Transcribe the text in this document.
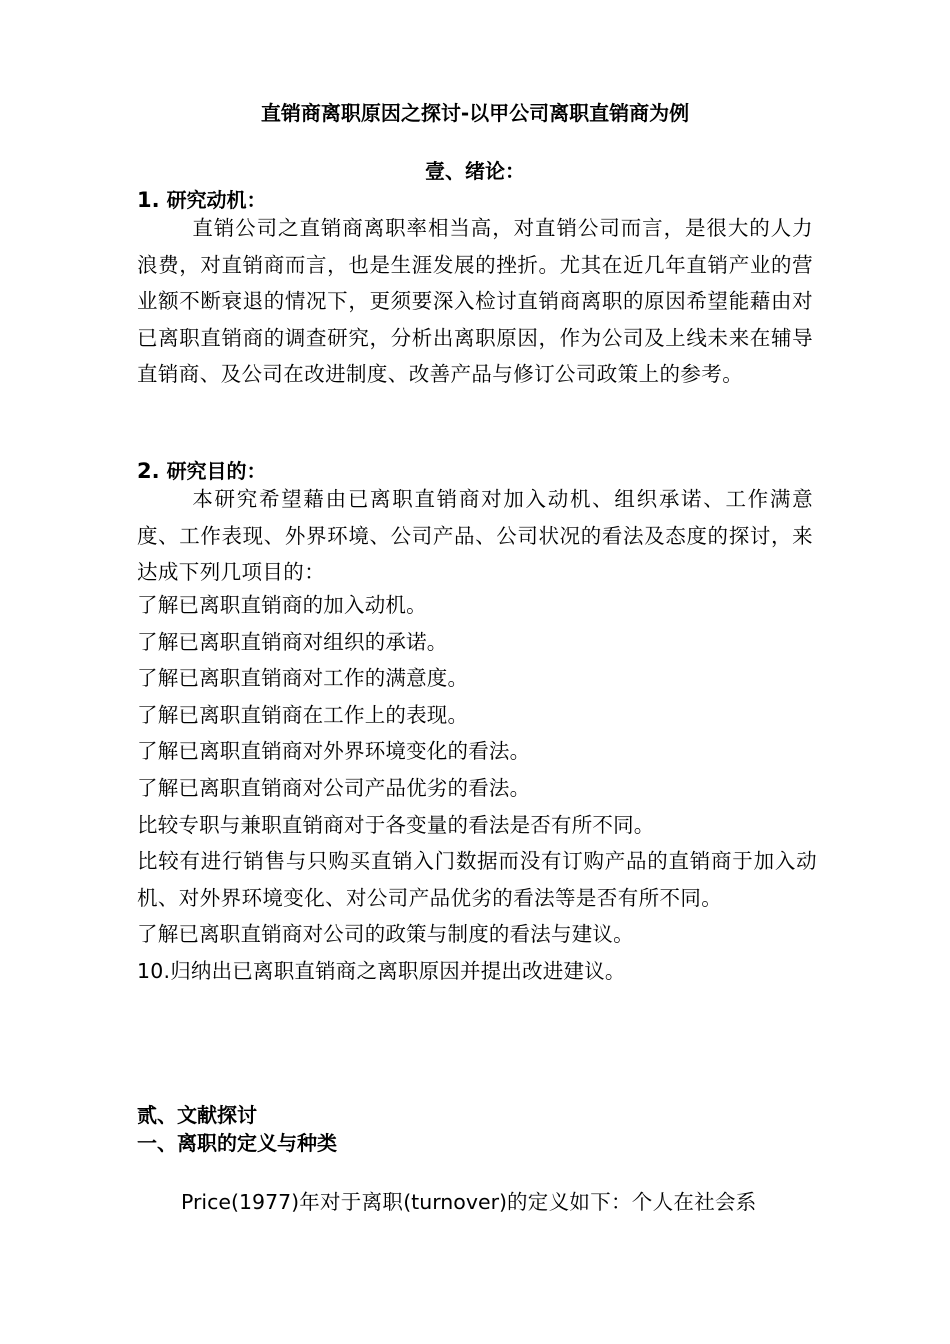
直销商离职原因之探讨-以甲公司离职直销商为例
壹、绪论：
1. 研究动机：

直销公司之直销商离职率相当高，对直销公司而言，是很大的人力浪费，对直销商而言，也是生涯发展的挫折。尤其在近几年直销产业的营业额不断衰退的情况下，更须要深入检讨直销商离职的原因希望能藉由对已离职直销商的调查研究，分析出离职原因，作为公司及上线未来在辅导直销商、及公司在改进制度、改善产品与修订公司政策上的参考。

2. 研究目的：

本研究希望藉由已离职直销商对加入动机、组织承诺、工作满意度、工作表现、外界环境、公司产品、公司状况的看法及态度的探讨，来达成下列几项目的：

了解已离职直销商的加入动机。
了解已离职直销商对组织的承诺。
了解已离职直销商对工作的满意度。
了解已离职直销商在工作上的表现。
了解已离职直销商对外界环境变化的看法。
了解已离职直销商对公司产品优劣的看法。
比较专职与兼职直销商对于各变量的看法是否有所不同。
比较有进行销售与只购买直销入门数据而没有订购产品的直销商于加入动机、对外界环境变化、对公司产品优劣的看法等是否有所不同。
了解已离职直销商对公司的政策与制度的看法与建议。
10.归纳出已离职直销商之离职原因并提出改进建议。
贰、文献探讨
一、离职的定义与种类

Price(1977)年对于离职(turnover)的定义如下：个人在社会系
